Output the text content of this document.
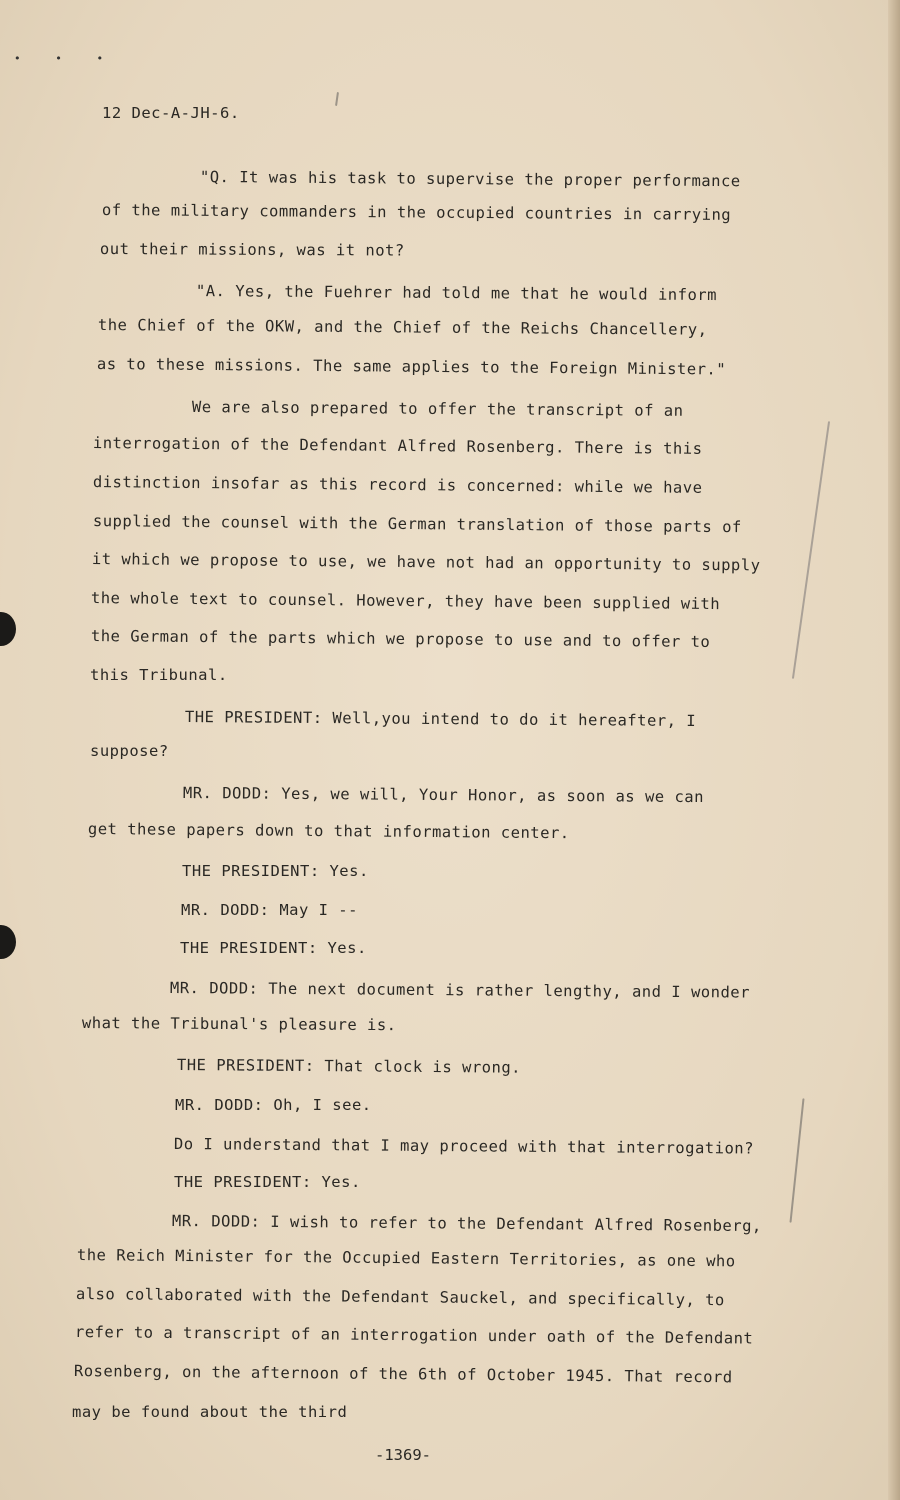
• • •
12 Dec-A-JH-6.
"Q. It was his task to supervise the proper performance
of the military commanders in the occupied countries in carrying
out their missions, was it not?
"A. Yes, the Fuehrer had told me that he would inform
the Chief of the OKW, and the Chief of the Reichs Chancellery,
as to these missions. The same applies to the Foreign Minister."
We are also prepared to offer the transcript of an
interrogation of the Defendant Alfred Rosenberg. There is this
distinction insofar as this record is concerned: while we have
supplied the counsel with the German translation of those parts of
it which we propose to use, we have not had an opportunity to supply
the whole text to counsel. However, they have been supplied with
the German of the parts which we propose to use and to offer to
this Tribunal.
THE PRESIDENT: Well,you intend to do it hereafter, I
suppose?
MR. DODD: Yes, we will, Your Honor, as soon as we can
get these papers down to that information center.
THE PRESIDENT: Yes.
MR. DODD: May I --
THE PRESIDENT: Yes.
MR. DODD: The next document is rather lengthy, and I wonder
what the Tribunal's pleasure is.
THE PRESIDENT: That clock is wrong.
MR. DODD: Oh, I see.
Do I understand that I may proceed with that interrogation?
THE PRESIDENT: Yes.
MR. DODD: I wish to refer to the Defendant Alfred Rosenberg,
the Reich Minister for the Occupied Eastern Territories, as one who
also collaborated with the Defendant Sauckel, and specifically, to
refer to a transcript of an interrogation under oath of the Defendant
Rosenberg, on the afternoon of the 6th of October 1945. That record
may be found about the third
-1369-
